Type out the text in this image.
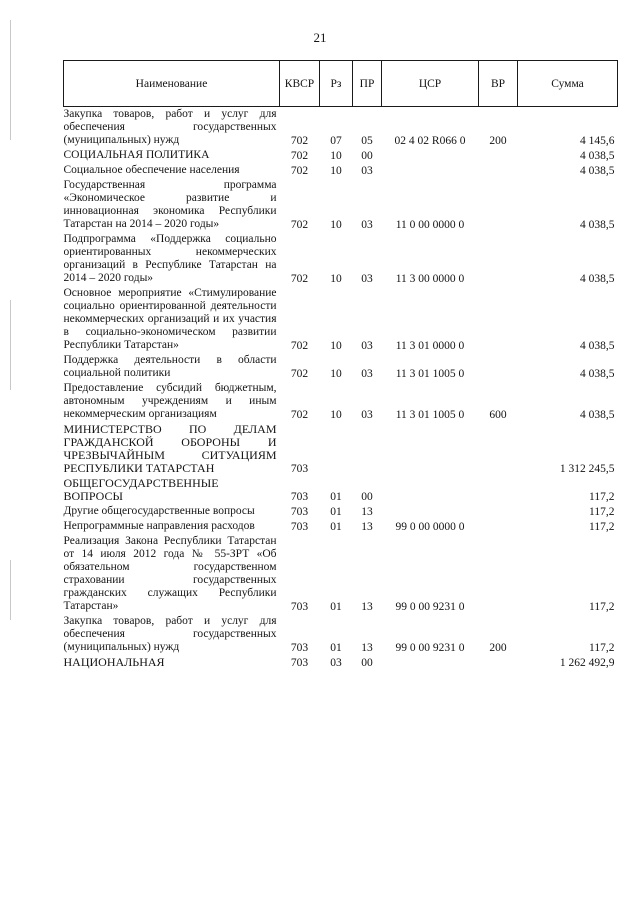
21
Наименование	КВСР	Рз	ПР	ЦСР	ВР	Сумма
Закупка товаров, работ и услуг для обеспечения государственных (муниципальных) нужд	702	07	05	02 4 02 R066 0	200	4 145,6
СОЦИАЛЬНАЯ ПОЛИТИКА	702	10	00			4 038,5
Социальное обеспечение населения	702	10	03			4 038,5
Государственная программа «Экономическое развитие и инновационная экономика Республики Татарстан на 2014 – 2020 годы»	702	10	03	11 0 00 0000 0		4 038,5
Подпрограмма «Поддержка социально ориентированных некоммерческих организаций в Республике Татарстан на 2014 – 2020 годы»	702	10	03	11 3 00 0000 0		4 038,5
Основное мероприятие «Стимулирование социально ориентированной деятельности некоммерческих организаций и их участия в социально-экономическом развитии Республики Татарстан»	702	10	03	11 3 01 0000 0		4 038,5
Поддержка деятельности в области социальной политики	702	10	03	11 3 01 1005 0		4 038,5
Предоставление субсидий бюджетным, автономным учреждениям и иным некоммерческим организациям	702	10	03	11 3 01 1005 0	600	4 038,5
МИНИСТЕРСТВО ПО ДЕЛАМ ГРАЖДАНСКОЙ ОБОРОНЫ И ЧРЕЗВЫЧАЙНЫМ СИТУАЦИЯМ РЕСПУБЛИКИ ТАТАРСТАН	703					1 312 245,5
ОБЩЕГОСУДАРСТВЕННЫЕ ВОПРОСЫ	703	01	00			117,2
Другие общегосударственные вопросы	703	01	13			117,2
Непрограммные направления расходов	703	01	13	99 0 00 0000 0		117,2
Реализация Закона Республики Татарстан от 14 июля 2012 года № 55-ЗРТ «Об обязательном государственном страховании государственных гражданских служащих Республики Татарстан»	703	01	13	99 0 00 9231 0		117,2
Закупка товаров, работ и услуг для обеспечения государственных (муниципальных) нужд	703	01	13	99 0 00 9231 0	200	117,2
НАЦИОНАЛЬНАЯ	703	03	00			1 262 492,9
